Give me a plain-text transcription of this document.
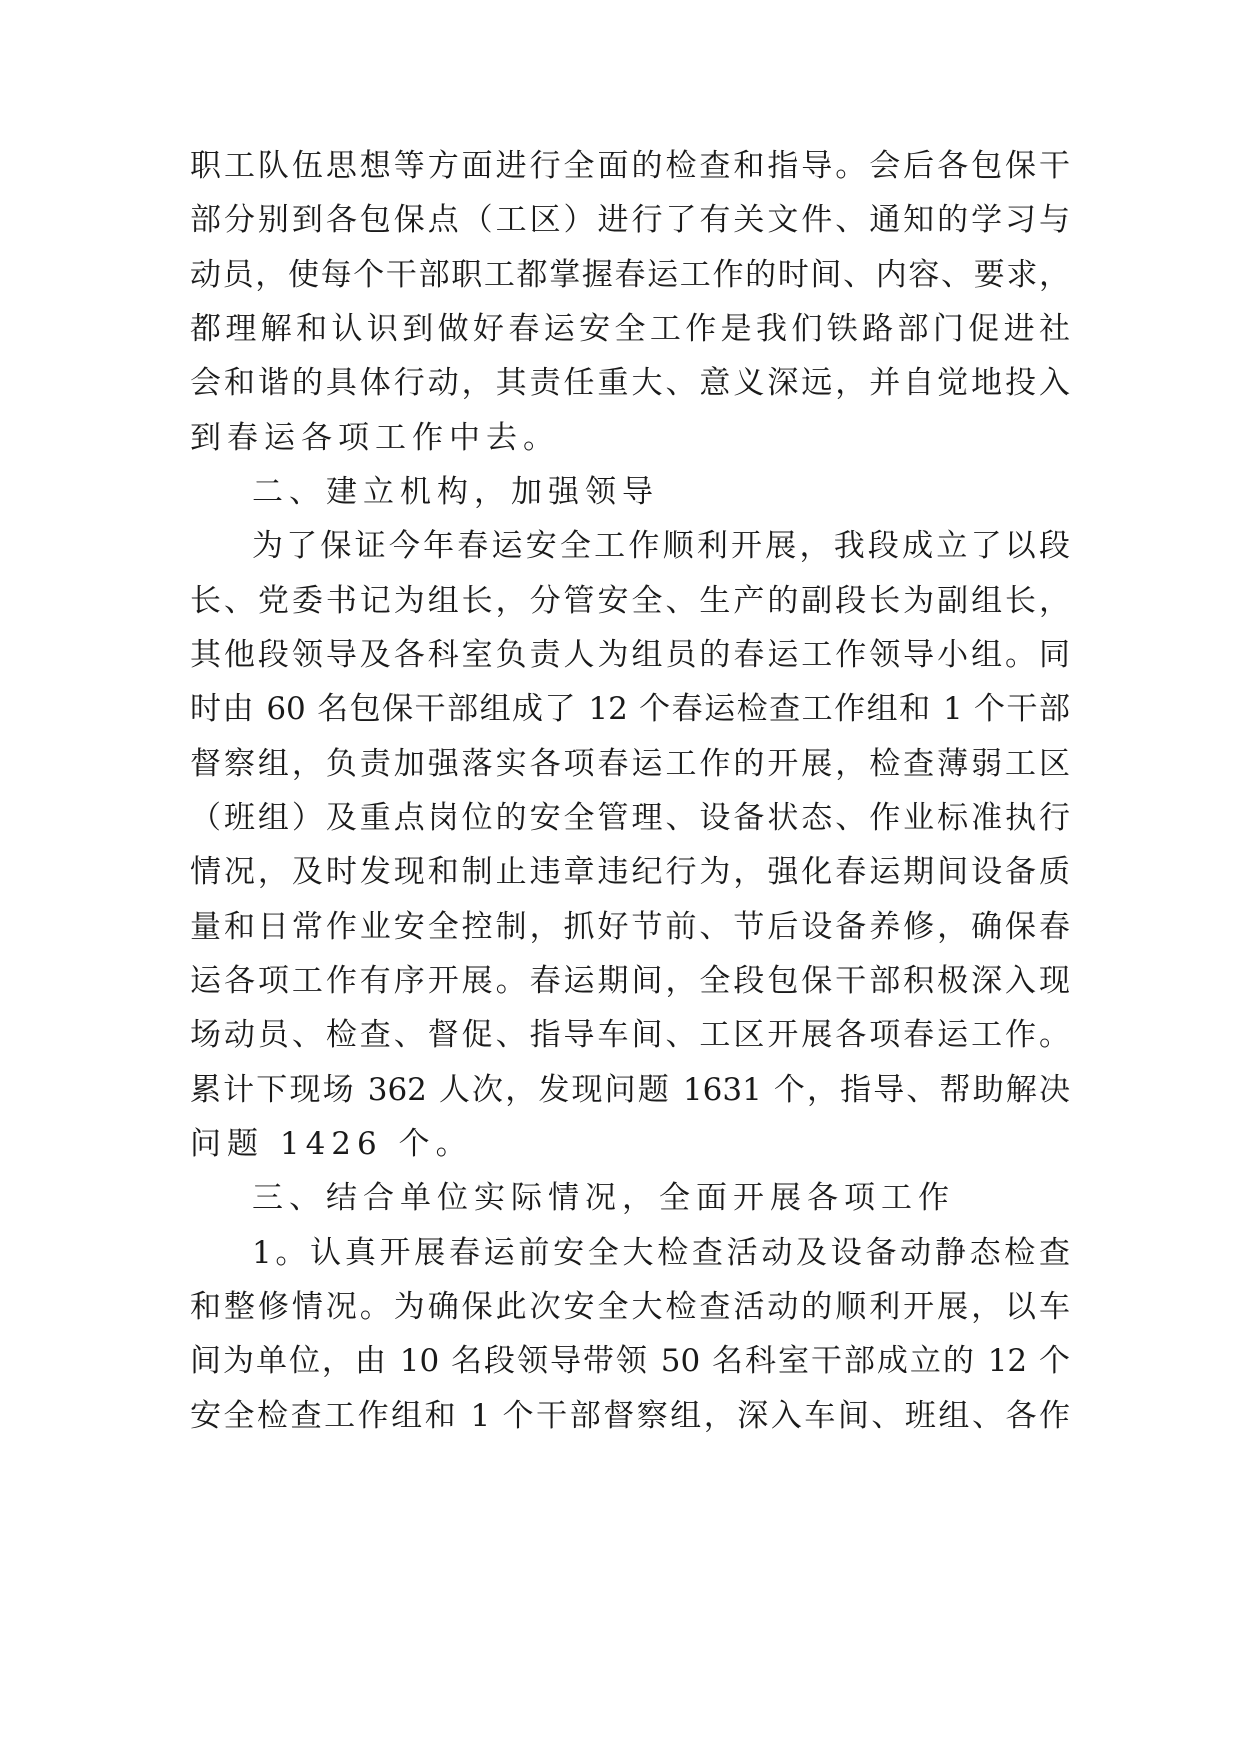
职工队伍思想等方面进行全面的检查和指导。会后各包保干
部分别到各包保点（工区）进行了有关文件、通知的学习与
动员，使每个干部职工都掌握春运工作的时间、内容、要求，
都理解和认识到做好春运安全工作是我们铁路部门促进社
会和谐的具体行动，其责任重大、意义深远，并自觉地投入
到春运各项工作中去。
二、建立机构，加强领导
为了保证今年春运安全工作顺利开展，我段成立了以段
长、党委书记为组长，分管安全、生产的副段长为副组长，
其他段领导及各科室负责人为组员的春运工作领导小组。同
时由 60 名包保干部组成了 12 个春运检查工作组和 1 个干部
督察组，负责加强落实各项春运工作的开展，检查薄弱工区
（班组）及重点岗位的安全管理、设备状态、作业标准执行
情况，及时发现和制止违章违纪行为，强化春运期间设备质
量和日常作业安全控制，抓好节前、节后设备养修，确保春
运各项工作有序开展。春运期间，全段包保干部积极深入现
场动员、检查、督促、指导车间、工区开展各项春运工作。
累计下现场 362 人次，发现问题 1631 个，指导、帮助解决
问题 1426 个。
三、结合单位实际情况，全面开展各项工作
1。认真开展春运前安全大检查活动及设备动静态检查
和整修情况。为确保此次安全大检查活动的顺利开展，以车
间为单位，由 10 名段领导带领 50 名科室干部成立的 12 个
安全检查工作组和 1 个干部督察组，深入车间、班组、各作
